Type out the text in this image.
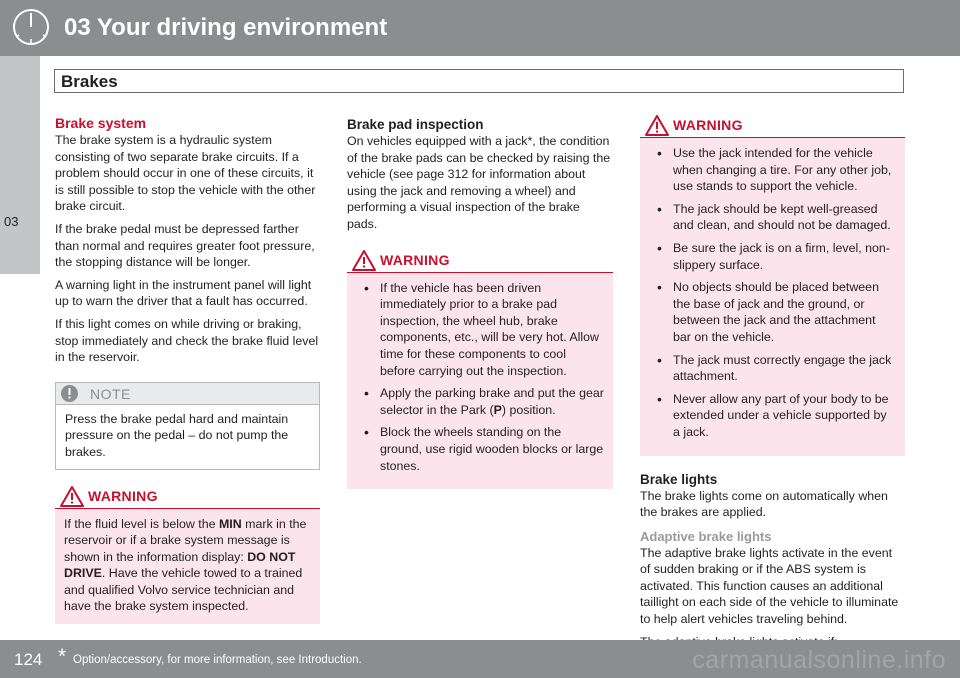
03 Your driving environment
Brakes
03
Brake system

The brake system is a hydraulic system consisting of two separate brake circuits. If a problem should occur in one of these circuits, it is still possible to stop the vehicle with the other brake circuit.

If the brake pedal must be depressed farther than normal and requires greater foot pressure, the stopping distance will be longer.

A warning light in the instrument panel will light up to warn the driver that a fault has occurred.

If this light comes on while driving or braking, stop immediately and check the brake fluid level in the reservoir.

NOTE
Press the brake pedal hard and maintain pressure on the pedal – do not pump the brakes.
WARNING
If the fluid level is below the MIN mark in the reservoir or if a brake system message is shown in the information display: DO NOT DRIVE. Have the vehicle towed to a trained and qualified Volvo service technician and have the brake system inspected.
Brake pad inspection

On vehicles equipped with a jack*, the condition of the brake pads can be checked by raising the vehicle (see page 312 for information about using the jack and removing a wheel) and performing a visual inspection of the brake pads.

WARNING
• If the vehicle has been driven immediately prior to a brake pad inspection, the wheel hub, brake components, etc., will be very hot. Allow time for these components to cool before carrying out the inspection.
• Apply the parking brake and put the gear selector in the Park (P) position.
• Block the wheels standing on the ground, use rigid wooden blocks or large stones.
WARNING
• Use the jack intended for the vehicle when changing a tire. For any other job, use stands to support the vehicle.
• The jack should be kept well-greased and clean, and should not be damaged.
• Be sure the jack is on a firm, level, non-slippery surface.
• No objects should be placed between the base of jack and the ground, or between the jack and the attachment bar on the vehicle.
• The jack must correctly engage the jack attachment.
• Never allow any part of your body to be extended under a vehicle supported by a jack.
Brake lights

The brake lights come on automatically when the brakes are applied.

Adaptive brake lights

The adaptive brake lights activate in the event of sudden braking or if the ABS system is activated. This function causes an additional taillight on each side of the vehicle to illuminate to help alert vehicles traveling behind.

124 * Option/accessory, for more information, see Introduction.	carmanualsonline.info
